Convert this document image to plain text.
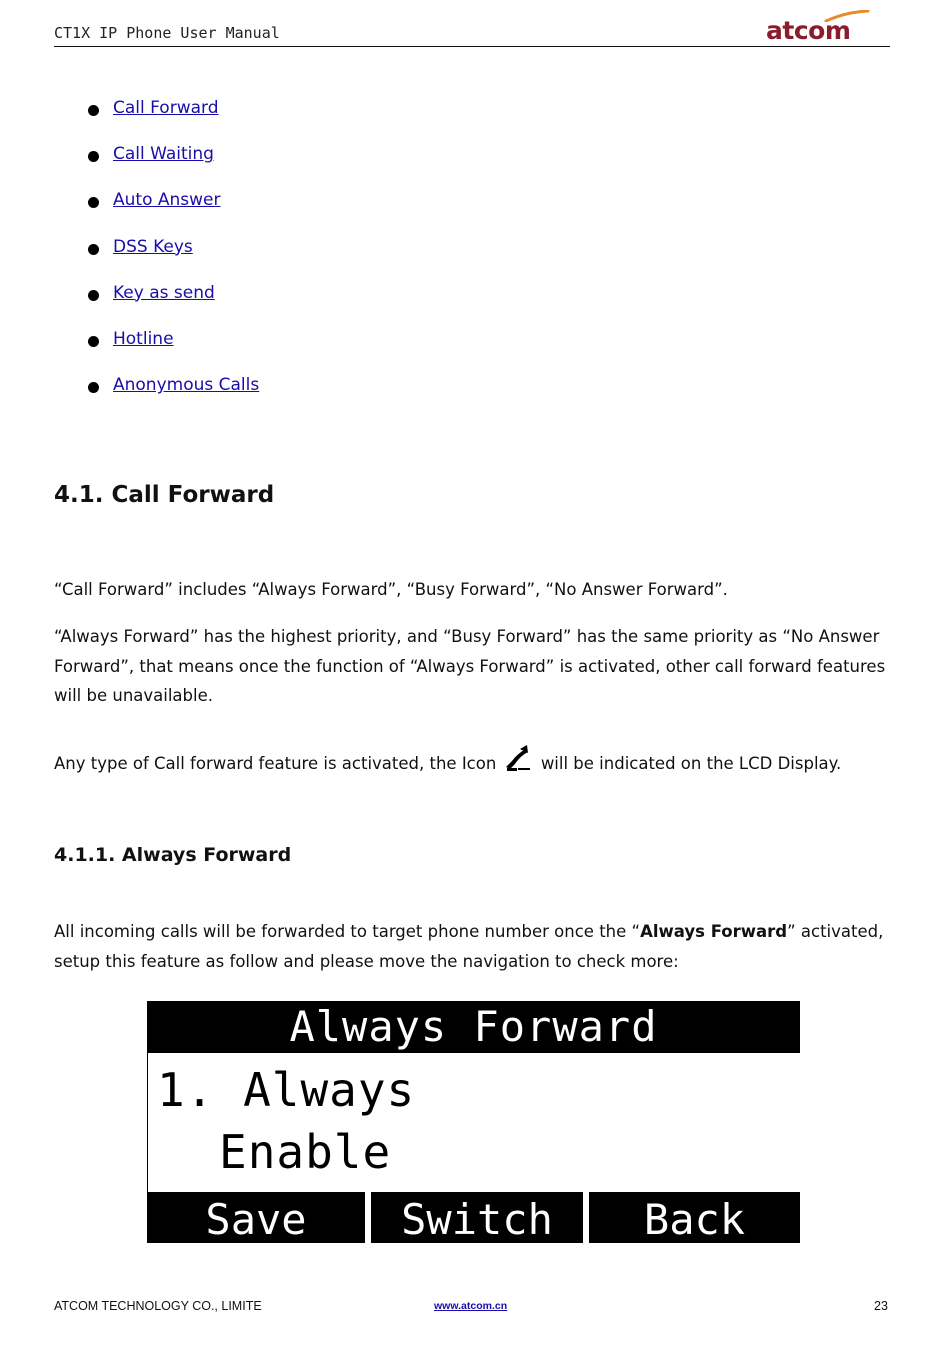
CT1X IP Phone User Manual	atcom
Call Forward
Call Waiting
Auto Answer
DSS Keys
Key as send
Hotline
Anonymous Calls
4.1. Call Forward

“Call Forward” includes “Always Forward”, “Busy Forward”, “No Answer Forward”.

“Always Forward” has the highest priority, and “Busy Forward” has the same priority as “No Answer Forward”, that means once the function of “Always Forward” is activated, other call forward features will be unavailable.

Any type of Call forward feature is activated, the Icon	will be indicated on the LCD Display.

4.1.1. Always Forward

All incoming calls will be forwarded to target phone number once the “Always Forward” activated, setup this feature as follow and please move the navigation to check more:

Always Forward
1. Always
Enable
Save	Switch	Back
ATCOM TECHNOLOGY CO., LIMITE	www.atcom.cn	23
